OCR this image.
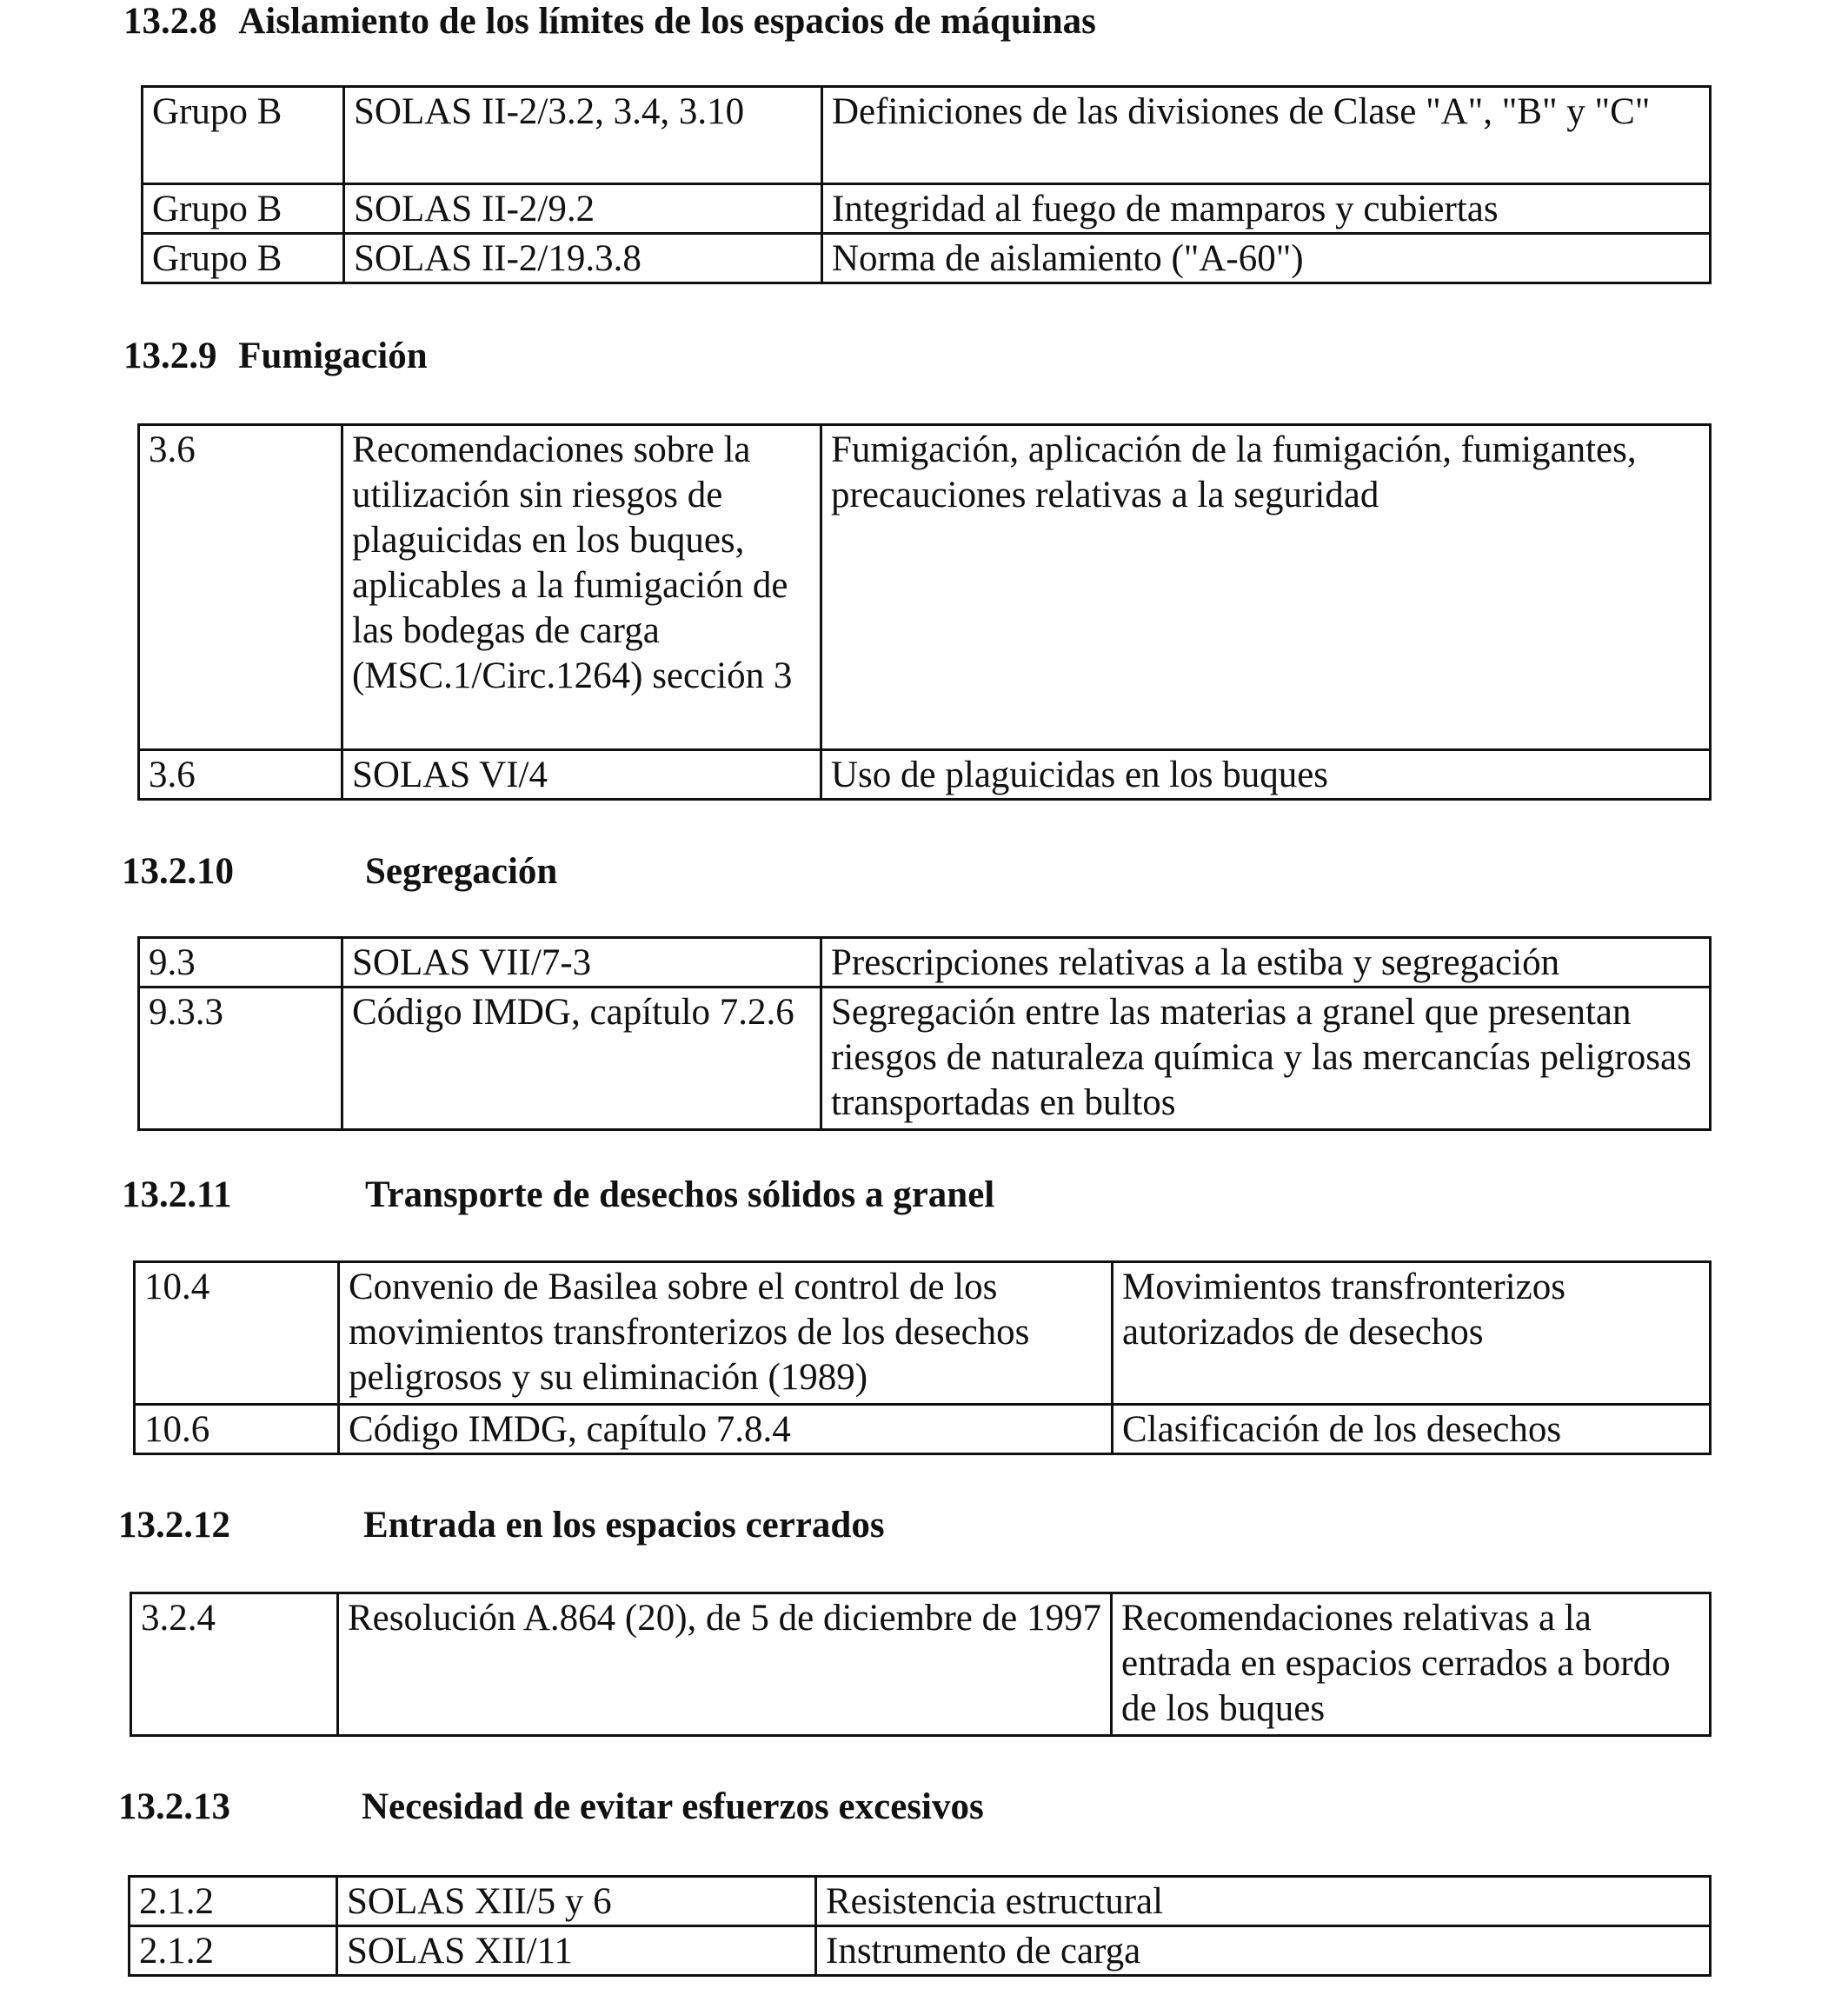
13.2.8 Aislamiento de los límites de los espacios de máquinas
Grupo B	SOLAS II-2/3.2, 3.4, 3.10	Definiciones de las divisiones de Clase "A", "B" y "C"
Grupo B	SOLAS II-2/9.2	Integridad al fuego de mamparos y cubiertas
Grupo B	SOLAS II-2/19.3.8	Norma de aislamiento ("A-60")
13.2.9 Fumigación
3.6	Recomendaciones sobre la utilización sin riesgos de plaguicidas en los buques, aplicables a la fumigación de las bodegas de carga (MSC.1/Circ.1264) sección 3	Fumigación, aplicación de la fumigación, fumigantes, precauciones relativas a la seguridad
3.6	SOLAS VI/4	Uso de plaguicidas en los buques
13.2.10	Segregación
9.3	SOLAS VII/7-3	Prescripciones relativas a la estiba y segregación
9.3.3	Código IMDG, capítulo 7.2.6	Segregación entre las materias a granel que presentan riesgos de naturaleza química y las mercancías peligrosas transportadas en bultos
13.2.11	Transporte de desechos sólidos a granel
10.4	Convenio de Basilea sobre el control de los movimientos transfronterizos de los desechos peligrosos y su eliminación (1989)	Movimientos transfronterizos autorizados de desechos
10.6	Código IMDG, capítulo 7.8.4	Clasificación de los desechos
13.2.12	Entrada en los espacios cerrados
3.2.4	Resolución A.864 (20), de 5 de diciembre de 1997	Recomendaciones relativas a la entrada en espacios cerrados a bordo de los buques
13.2.13	Necesidad de evitar esfuerzos excesivos
2.1.2	SOLAS XII/5 y 6	Resistencia estructural
2.1.2	SOLAS XII/11	Instrumento de carga
